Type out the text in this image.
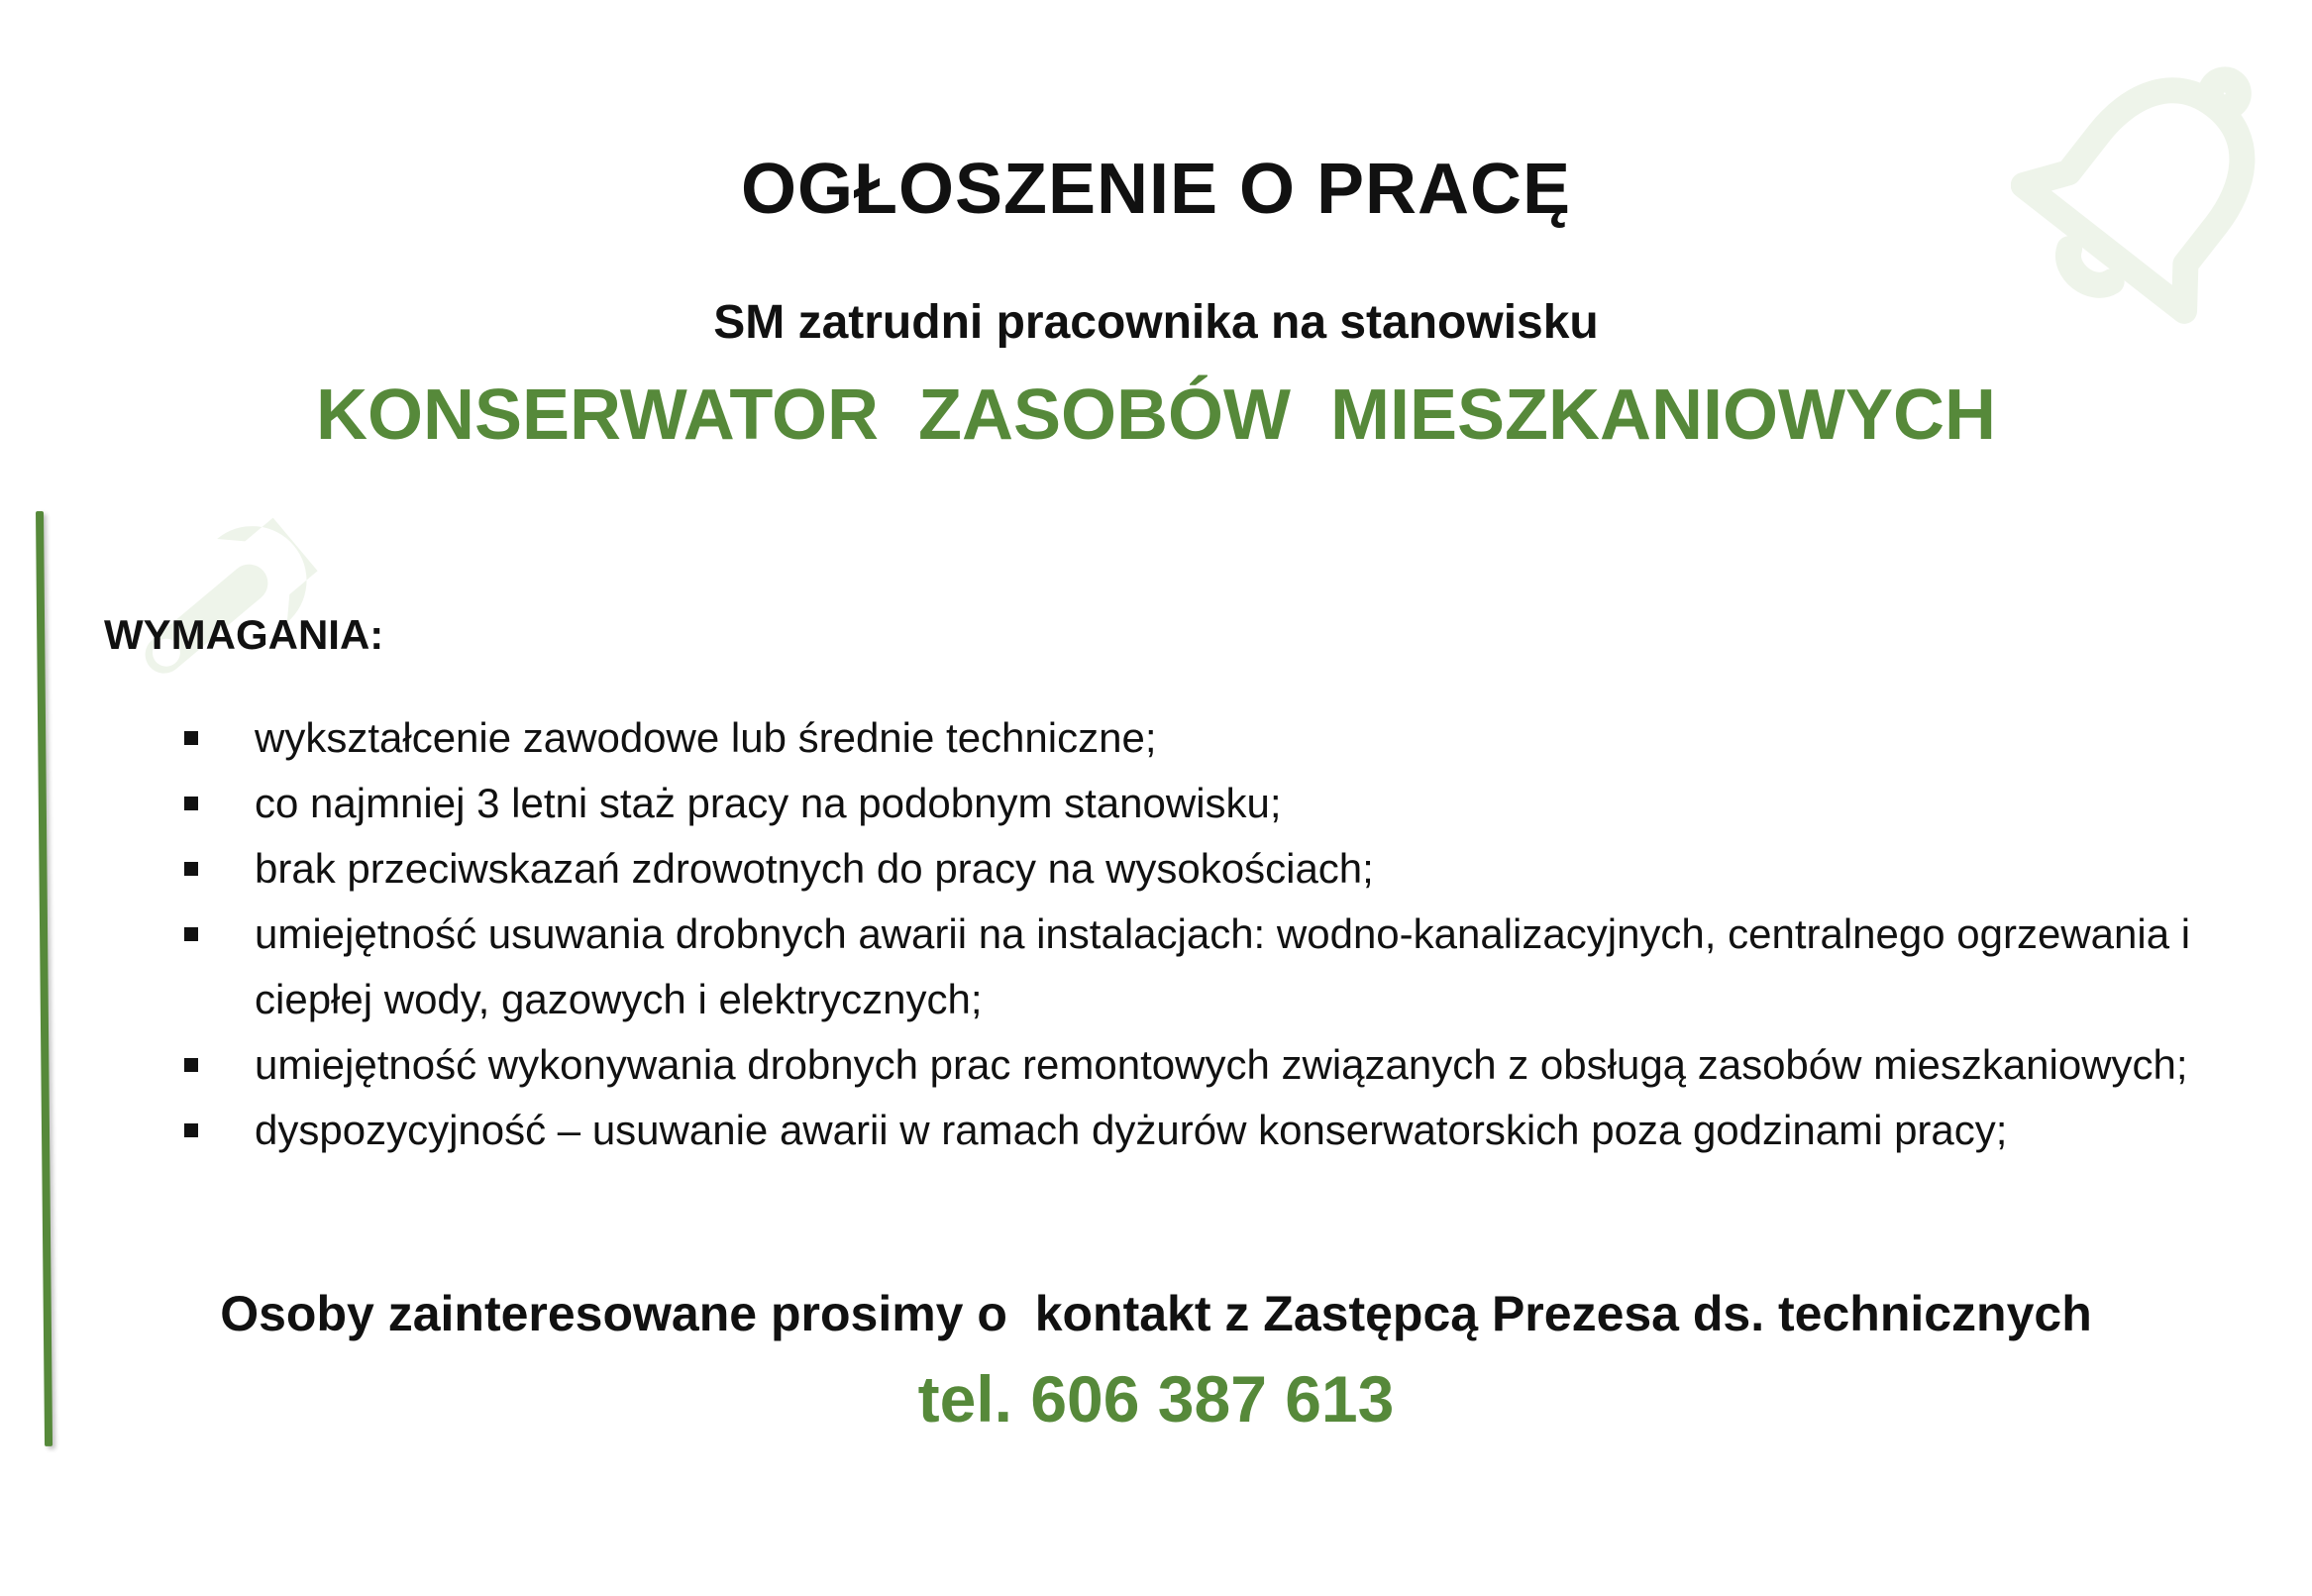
OGŁOSZENIE O PRACĘ
SM zatrudni pracownika na stanowisku
KONSERWATOR  ZASOBÓW  MIESZKANIOWYCH
WYMAGANIA:
wykształcenie zawodowe lub średnie techniczne;
co najmniej 3 letni staż pracy na podobnym stanowisku;
brak przeciwskazań zdrowotnych do pracy na wysokościach;
umiejętność usuwania drobnych awarii na instalacjach: wodno-kanalizacyjnych, centralnego ogrzewania i ciepłej wody, gazowych i elektrycznych;
umiejętność wykonywania drobnych prac remontowych związanych z obsługą zasobów mieszkaniowych;
dyspozycyjność – usuwanie awarii w ramach dyżurów konserwatorskich poza godzinami pracy;
Osoby zainteresowane prosimy o  kontakt z Zastępcą Prezesa ds. technicznych
tel. 606 387 613
